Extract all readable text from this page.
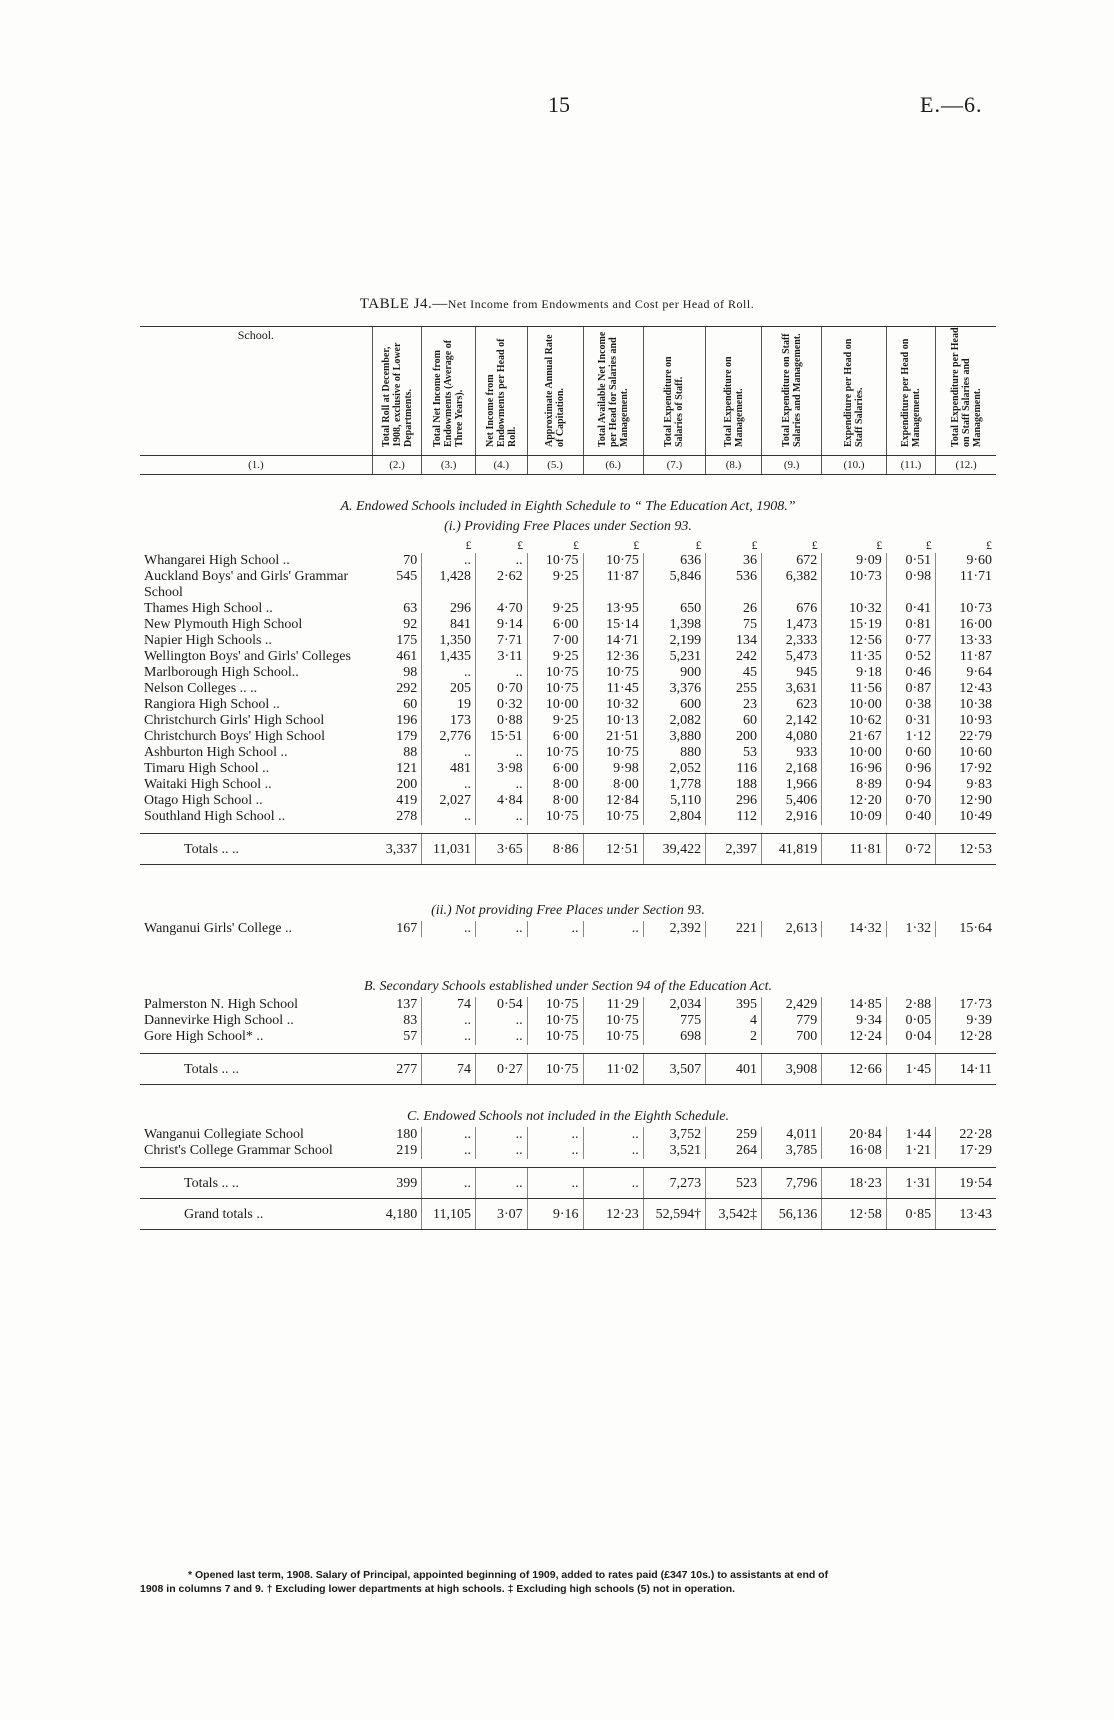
15	E.—6.
TABLE J4.—Net Income from Endowments and Cost per Head of Roll.
School.	Total Roll at December, 1908, exclusive of Lower Departments.	Total Net Income from Endowments (Average of Three Years).	Net Income from Endowments per Head of Roll.	Approximate Annual Rate of Capitation.	Total Available Net Income per Head for Salaries and Management.	Total Expenditure on Salaries of Staff.	Total Expenditure on Management.	Total Expenditure on Staff Salaries and Management.	Expenditure per Head on Staff Salaries.	Expenditure per Head on Management.	Total Expenditure per Head on Staff Salaries and Management.

(1.)	(2.)	(3.)	(4.)	(5.)	(6.)	(7.)	(8.)	(9.)	(10.)	(11.)	(12.)

A. Endowed Schools included in Eighth Schedule to “ The Education Act, 1908.”											
(i.) Providing Free Places under Section 93.											
		£	£	£	£	£	£	£	£	£	£
Whangarei High School ..	70	..	..	10·75	10·75	636	36	672	9·09	0·51	9·60
Auckland Boys' and Girls' Grammar School	545	1,428	2·62	9·25	11·87	5,846	536	6,382	10·73	0·98	11·71
Thames High School ..	63	296	4·70	9·25	13·95	650	26	676	10·32	0·41	10·73
New Plymouth High School	92	841	9·14	6·00	15·14	1,398	75	1,473	15·19	0·81	16·00
Napier High Schools ..	175	1,350	7·71	7·00	14·71	2,199	134	2,333	12·56	0·77	13·33
Wellington Boys' and Girls' Colleges	461	1,435	3·11	9·25	12·36	5,231	242	5,473	11·35	0·52	11·87
Marlborough High School..	98	..	..	10·75	10·75	900	45	945	9·18	0·46	9·64
Nelson Colleges .. ..	292	205	0·70	10·75	11·45	3,376	255	3,631	11·56	0·87	12·43
Rangiora High School ..	60	19	0·32	10·00	10·32	600	23	623	10·00	0·38	10·38
Christchurch Girls' High School	196	173	0·88	9·25	10·13	2,082	60	2,142	10·62	0·31	10·93
Christchurch Boys' High School	179	2,776	15·51	6·00	21·51	3,880	200	4,080	21·67	1·12	22·79
Ashburton High School ..	88	..	..	10·75	10·75	880	53	933	10·00	0·60	10·60
Timaru High School ..	121	481	3·98	6·00	9·98	2,052	116	2,168	16·96	0·96	17·92
Waitaki High School ..	200	..	..	8·00	8·00	1,778	188	1,966	8·89	0·94	9·83
Otago High School ..	419	2,027	4·84	8·00	12·84	5,110	296	5,406	12·20	0·70	12·90
Southland High School ..	278	..	..	10·75	10·75	2,804	112	2,916	10·09	0·40	10·49

Totals .. ..	3,337	11,031	3·65	8·86	12·51	39,422	2,397	41,819	11·81	0·72	12·53

(ii.) Not providing Free Places under Section 93.											
Wanganui Girls' College ..	167	..	..	..	..	2,392	221	2,613	14·32	1·32	15·64

B. Secondary Schools established under Section 94 of the Education Act.											
Palmerston N. High School	137	74	0·54	10·75	11·29	2,034	395	2,429	14·85	2·88	17·73
Dannevirke High School ..	83	..	..	10·75	10·75	775	4	779	9·34	0·05	9·39
Gore High School* ..	57	..	..	10·75	10·75	698	2	700	12·24	0·04	12·28

Totals .. ..	277	74	0·27	10·75	11·02	3,507	401	3,908	12·66	1·45	14·11

C. Endowed Schools not included in the Eighth Schedule.											
Wanganui Collegiate School	180	..	..	..	..	3,752	259	4,011	20·84	1·44	22·28
Christ's College Grammar School	219	..	..	..	..	3,521	264	3,785	16·08	1·21	17·29

Totals .. ..	399	..	..	..	..	7,273	523	7,796	18·23	1·31	19·54
Grand totals ..	4,180	11,105	3·07	9·16	12·23	52,594†	3,542‡	56,136	12·58	0·85	13·43
* Opened last term, 1908. Salary of Principal, appointed beginning of 1909, added to rates paid (£347 10s.) to assistants at end of
1908 in columns 7 and 9. † Excluding lower departments at high schools. ‡ Excluding high schools (5) not in operation.
